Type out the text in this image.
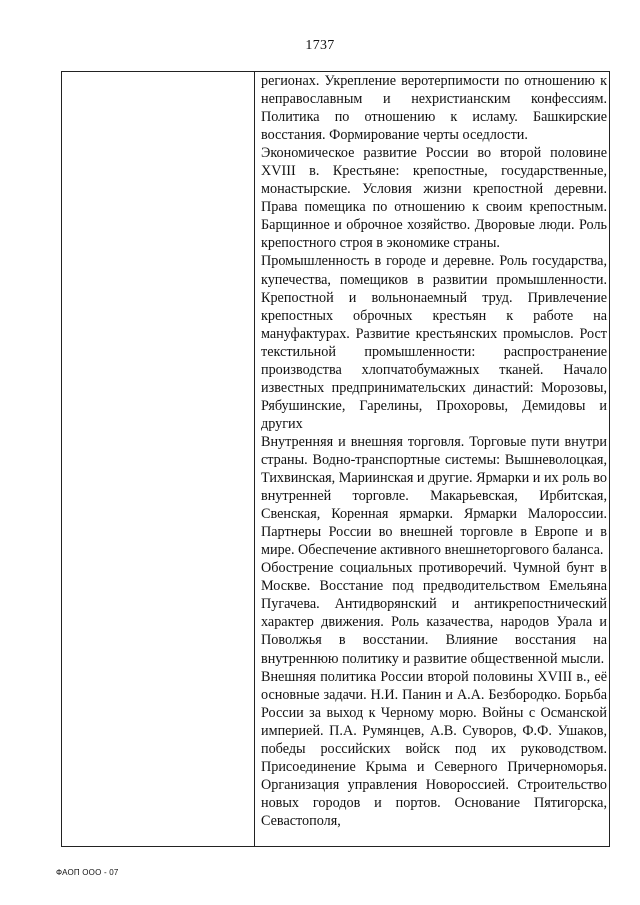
1737

регионах. Укрепление веротерпимости по отношению к неправославным и нехристианским конфессиям. Политика по отношению к исламу. Башкирские восстания. Формирование черты оседлости.

Экономическое развитие России во второй половине XVIII в. Крестьяне: крепостные, государственные, монастырские. Условия жизни крепостной деревни. Права помещика по отношению к своим крепостным. Барщинное и оброчное хозяйство. Дворовые люди. Роль крепостного строя в экономике страны.

Промышленность в городе и деревне. Роль государства, купечества, помещиков в развитии промышленности. Крепостной и вольнонаемный труд. Привлечение крепостных оброчных крестьян к работе на мануфактурах. Развитие крестьянских промыслов. Рост текстильной промышленности: распространение производства хлопчатобумажных тканей. Начало известных предпринимательских династий: Морозовы, Рябушинские, Гарелины, Прохоровы, Демидовы и других

Внутренняя и внешняя торговля. Торговые пути внутри страны. Водно-транспортные системы: Вышневолоцкая, Тихвинская, Мариинская и другие. Ярмарки и их роль во внутренней торговле. Макарьевская, Ирбитская, Свенская, Коренная ярмарки. Ярмарки Малороссии. Партнеры России во внешней торговле в Европе и в мире. Обеспечение активного внешнеторгового баланса.

Обострение социальных противоречий. Чумной бунт в Москве. Восстание под предводительством Емельяна Пугачева. Антидворянский и антикрепостнический характер движения. Роль казачества, народов Урала и Поволжья в восстании. Влияние восстания на внутреннюю политику и развитие общественной мысли.

Внешняя политика России второй половины XVIII в., её основные задачи. Н.И. Панин и А.А. Безбородко. Борьба России за выход к Черному морю. Войны с Османской империей. П.А. Румянцев, А.В. Суворов, Ф.Ф. Ушаков, победы российских войск под их руководством. Присоединение Крыма и Северного Причерноморья. Организация управления Новороссией. Строительство новых городов и портов. Основание Пятигорска, Севастополя,

ФАОП ООО - 07
